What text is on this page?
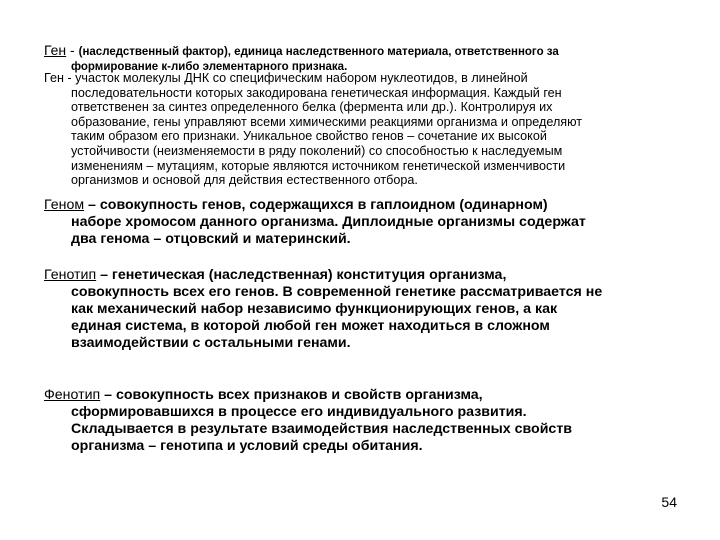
Ген - (наследственный фактор), единица наследственного материала, ответственного за
формирование к-либо элементарного признака.
Ген - участок молекулы ДНК со специфическим набором нуклеотидов, в линейной
последовательности которых закодирована генетическая информация. Каждый ген
ответственен за синтез определенного белка (фермента или др.). Контролируя их
образование, гены управляют всеми химическими реакциями организма и определяют
таким образом его признаки. Уникальное свойство генов – сочетание их высокой
устойчивости (неизменяемости в ряду поколений) со способностью к наследуемым
изменениям – мутациям, которые являются источником генетической изменчивости
организмов и основой для действия естественного отбора.
Геном – совокупность генов, содержащихся в гаплоидном (одинарном)
наборе хромосом данного организма. Диплоидные организмы содержат
два генома – отцовский и материнский.
Генотип – генетическая (наследственная) конституция организма,
совокупность всех его генов. В современной генетике рассматривается не
как механический набор независимо функционирующих генов, а как
единая система, в которой любой ген может находиться в сложном
взаимодействии с остальными генами.
Фенотип – совокупность всех признаков и свойств организма,
сформировавшихся в процессе его индивидуального развития.
Складывается в результате взаимодействия наследственных свойств
организма – генотипа и условий среды обитания.
54
